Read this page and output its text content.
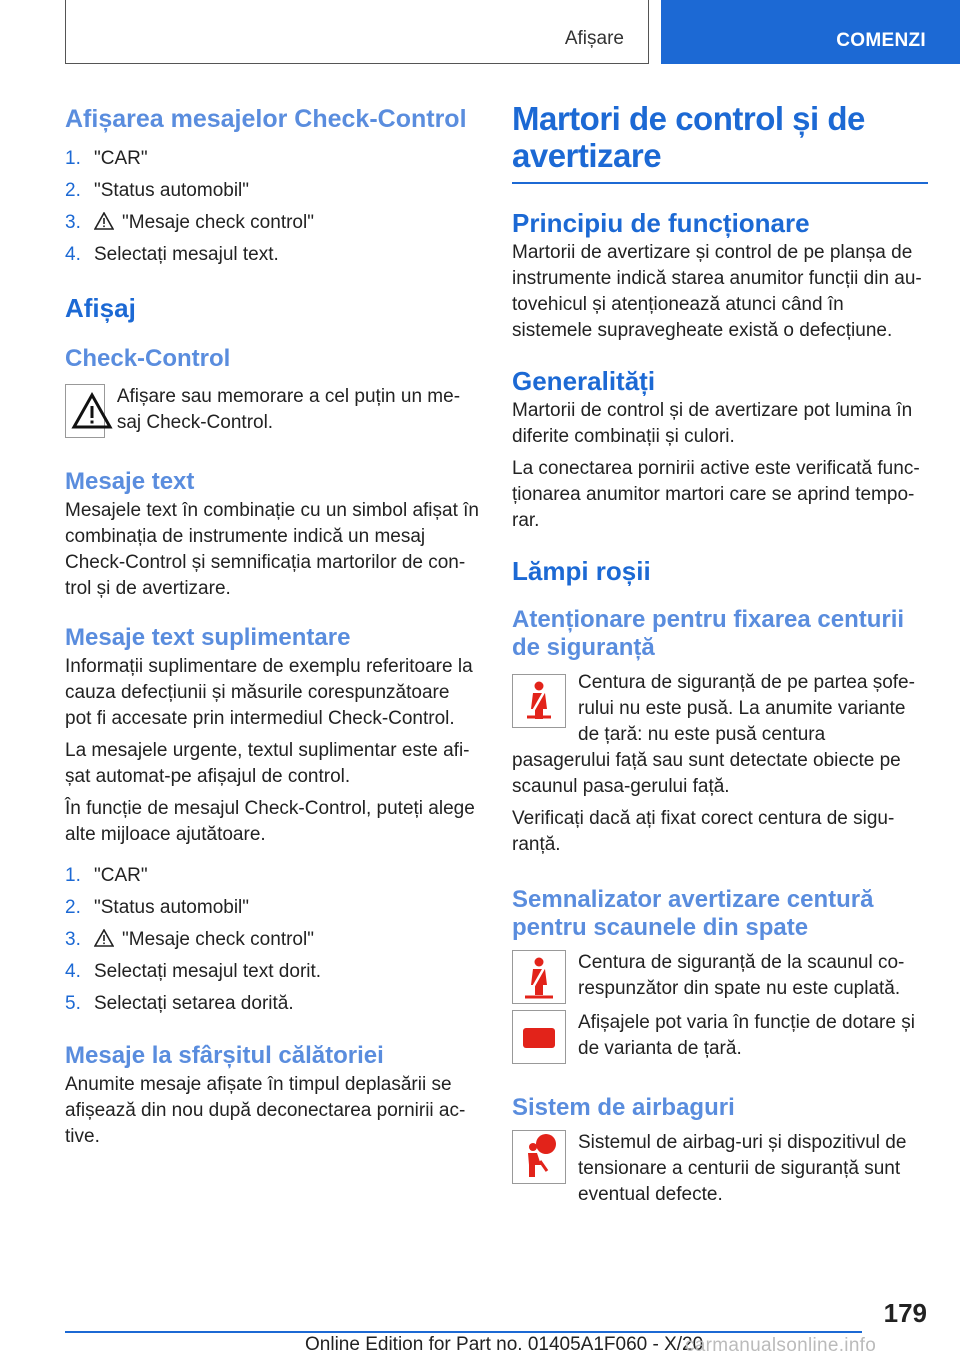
Afișare	COMENZI
Afișarea mesajelor Check-Control
1. "CAR"
2. "Status automobil"
3. "Mesaje check control"
4. Selectați mesajul text.
Afișaj
Check-Control

Afișare sau memorare a cel puțin un me-saj Check-Control.

Mesaje text

Mesajele text în combinație cu un simbol afișat în combinația de instrumente indică un mesaj Check-Control și semnificația martorilor de con-trol și de avertizare.

Mesaje text suplimentare

Informații suplimentare de exemplu referitoare la cauza defecțiunii și măsurile corespunzătoare pot fi accesate prin intermediul Check-Control.

La mesajele urgente, textul suplimentar este afi-șat automat-pe afișajul de control.

În funcție de mesajul Check-Control, puteți alege alte mijloace ajutătoare.

1. "CAR"
2. "Status automobil"
3. "Mesaje check control"
4. Selectați mesajul text dorit.
5. Selectați setarea dorită.
Mesaje la sfârșitul călătoriei

Anumite mesaje afișate în timpul deplasării se afișează din nou după deconectarea pornirii ac-tive.

Martori de control și de avertizare
Principiu de funcționare

Martorii de avertizare și control de pe planșa de instrumente indică starea anumitor funcții din au-tovehicul și atenționează atunci când în sistemele supravegheate există o defecțiune.

Generalități

Martorii de control și de avertizare pot lumina în diferite combinații și culori.

La conectarea pornirii active este verificată func-ționarea anumitor martori care se aprind tempo-rar.

Lămpi roșii
Atenționare pentru fixarea centurii de siguranță

Centura de siguranță de pe partea șofe-rului nu este pusă. La anumite variante de țară: nu este pusă centura pasagerului față sau sunt detectate obiecte pe scaunul pasa-gerului față.

Verificați dacă ați fixat corect centura de sigu-ranță.

Semnalizator avertizare centură pentru scaunele din spate

Centura de siguranță de la scaunul co-respunzător din spate nu este cuplată.

Afișajele pot varia în funcție de dotare și de varianta de țară.

Sistem de airbaguri

Sistemul de airbag-uri și dispozitivul de tensionare a centurii de siguranță sunt eventual defecte.

179
Online Edition for Part no. 01405A1F060 - X/20
carmanualsonline.info
